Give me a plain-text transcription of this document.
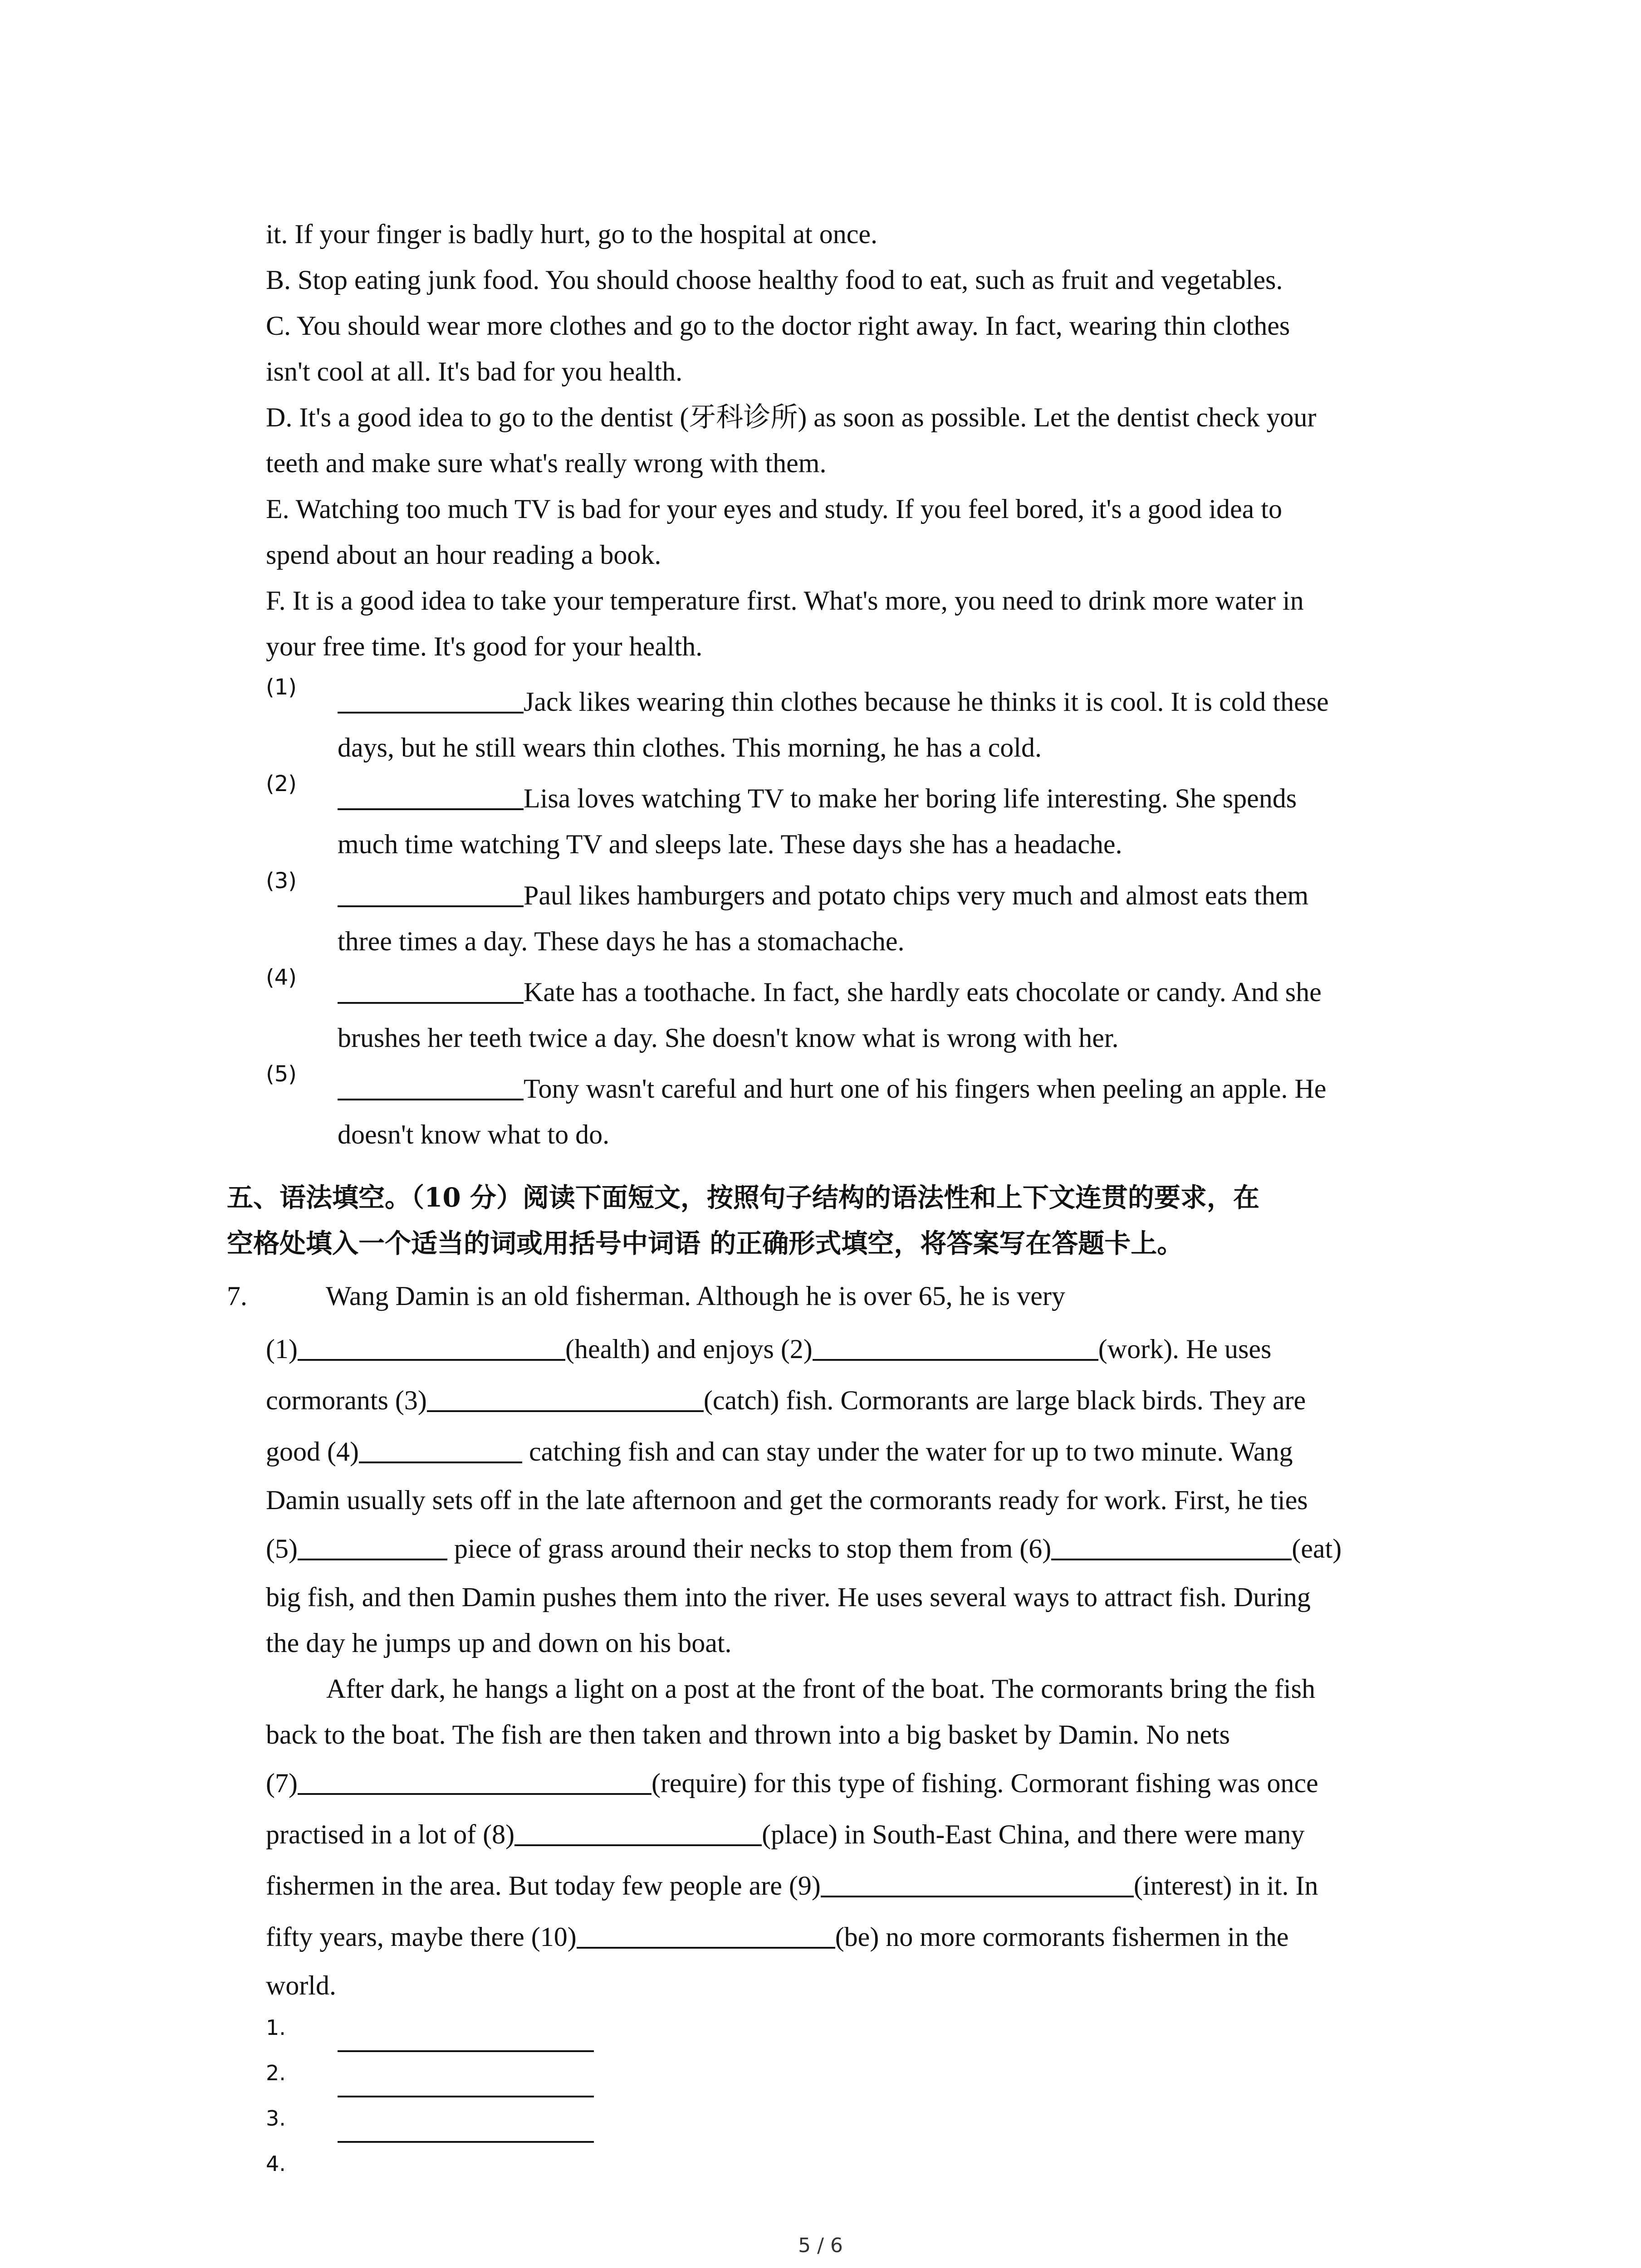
it. If your finger is badly hurt, go to the hospital at once.

B. Stop eating junk food. You should choose healthy food to eat, such as fruit and vegetables.

C. You should wear more clothes and go to the doctor right away. In fact, wearing thin clothes

isn't cool at all. It's bad for you health.

D. It's a good idea to go to the dentist (牙科诊所) as soon as possible. Let the dentist check your

teeth and make sure what's really wrong with them.

E. Watching too much TV is bad for your eyes and study. If you feel bored, it's a good idea to

spend about an hour reading a book.

F. It is a good idea to take your temperature first. What's more, you need to drink more water in

your free time. It's good for your health.

(1)	Jack likes wearing thin clothes because he thinks it is cool. It is cold these
days, but he still wears thin clothes. This morning, he has a cold.
(2)	Lisa loves watching TV to make her boring life interesting. She spends
much time watching TV and sleeps late. These days she has a headache.
(3)	Paul likes hamburgers and potato chips very much and almost eats them
three times a day. These days he has a stomachache.
(4)	Kate has a toothache. In fact, she hardly eats chocolate or candy. And she
brushes her teeth twice a day. She doesn't know what is wrong with her.
(5)	Tony wasn't careful and hurt one of his fingers when peeling an apple. He
doesn't know what to do.
五、语法填空。（10 分）阅读下面短文，按照句子结构的语法性和上下文连贯的要求，在
空格处填入一个适当的词或用括号中词语 的正确形式填空，将答案写在答题卡上。
7.	Wang Damin is an old fisherman. Although he is over 65, he is very

(1)	(health) and enjoys (2)	(work). He uses

cormorants (3)	(catch) fish. Cormorants are large black birds. They are

good (4)	catching fish and can stay under the water for up to two minute. Wang

Damin usually sets off in the late afternoon and get the cormorants ready for work. First, he ties

(5)	piece of grass around their necks to stop them from (6)	(eat)

big fish, and then Damin pushes them into the river. He uses several ways to attract fish. During

the day he jumps up and down on his boat.

After dark, he hangs a light on a post at the front of the boat. The cormorants bring the fish

back to the boat. The fish are then taken and thrown into a big basket by Damin. No nets

(7)	(require) for this type of fishing. Cormorant fishing was once

practised in a lot of (8)	(place) in South-East China, and there were many

fishermen in the area. But today few people are (9)	(interest) in it. In

fifty years, maybe there (10)	(be) no more cormorants fishermen in the

world.

1.
2.
3.
4.
5 / 6
